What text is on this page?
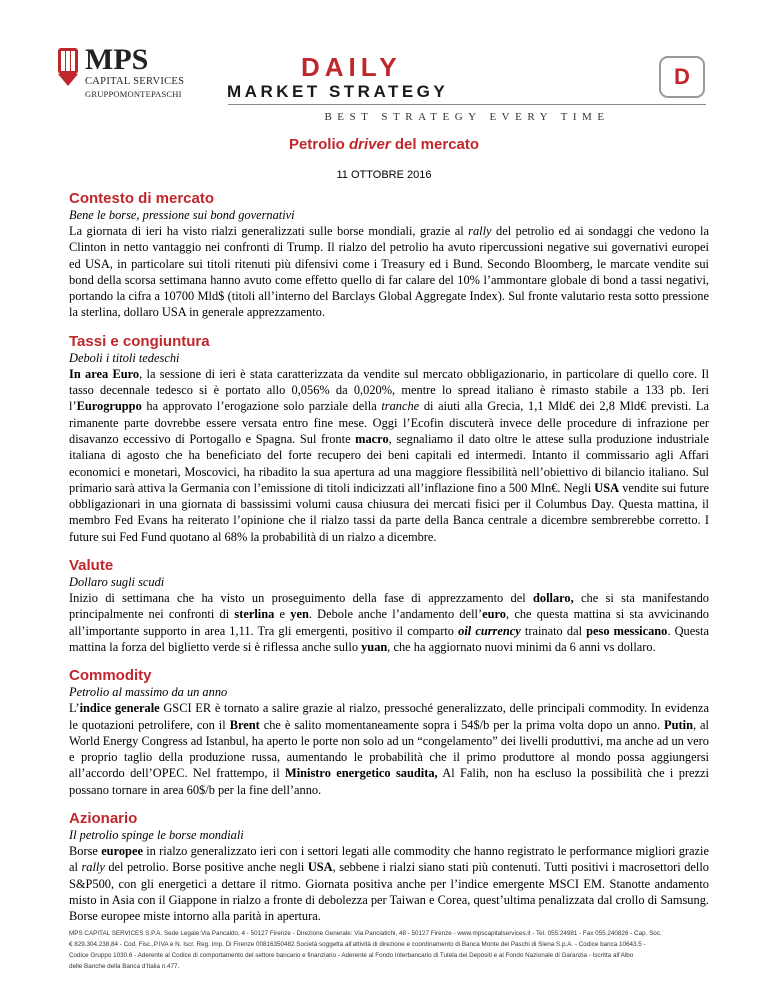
MPS
CAPITAL SERVICES
GRUPPOMONTEPASCHI
DAILY
MARKET STRATEGY
D
BEST STRATEGY EVERY TIME
Petrolio driver del mercato
11 OTTOBRE 2016
Contesto di mercato

Bene le borse, pressione sui bond governativi

La giornata di ieri ha visto rialzi generalizzati sulle borse mondiali, grazie al rally del petrolio ed ai sondaggi che vedono la Clinton in netto vantaggio nei confronti di Trump. Il rialzo del petrolio ha avuto ripercussioni negative sui governativi europei ed USA, in particolare sui titoli ritenuti più difensivi come i Treasury ed i Bund. Secondo Bloomberg, le marcate vendite sui bond della scorsa settimana hanno avuto come effetto quello di far calare del 10% l’ammontare globale di bond a tassi negativi, portando la cifra a 10700 Mld$ (titoli all’interno del Barclays Global Aggregate Index). Sul fronte valutario resta sotto pressione la sterlina, dollaro USA in generale apprezzamento.

Tassi e congiuntura

Deboli i titoli tedeschi

In area Euro, la sessione di ieri è stata caratterizzata da vendite sul mercato obbligazionario, in particolare di quello core. Il tasso decennale tedesco si è portato allo 0,056% da 0,020%, mentre lo spread italiano è rimasto stabile a 133 pb. Ieri l’Eurogruppo ha approvato l’erogazione solo parziale della tranche di aiuti alla Grecia, 1,1 Mld€ dei 2,8 Mld€ previsti. La rimanente parte dovrebbe essere versata entro fine mese. Oggi l’Ecofin discuterà invece delle procedure di infrazione per disavanzo eccessivo di Portogallo e Spagna. Sul fronte macro, segnaliamo il dato oltre le attese sulla produzione industriale italiana di agosto che ha beneficiato del forte recupero dei beni capitali ed intermedi. Intanto il commissario agli Affari economici e monetari, Moscovici, ha ribadito la sua apertura ad una maggiore flessibilità nell’obiettivo di bilancio italiano. Sul primario sarà attiva la Germania con l’emissione di titoli indicizzati all’inflazione fino a 500 Mln€. Negli USA vendite sui future obbligazionari in una giornata di bassissimi volumi causa chiusura dei mercati fisici per il Columbus Day. Questa mattina, il membro Fed Evans ha reiterato l’opinione che il rialzo tassi da parte della Banca centrale a dicembre sembrerebbe corretto. I future sui Fed Fund quotano al 68% la probabilità di un rialzo a dicembre.

Valute

Dollaro sugli scudi

Inizio di settimana che ha visto un proseguimento della fase di apprezzamento del dollaro, che si sta manifestando principalmente nei confronti di sterlina e yen. Debole anche l’andamento dell’euro, che questa mattina si sta avvicinando all’importante supporto in area 1,11. Tra gli emergenti, positivo il comparto oil currency trainato dal peso messicano. Questa mattina la forza del biglietto verde si è riflessa anche sullo yuan, che ha aggiornato nuovi minimi da 6 anni vs dollaro.

Commodity

Petrolio al massimo da un anno

L’indice generale GSCI ER è tornato a salire grazie al rialzo, pressoché generalizzato, delle principali commodity. In evidenza le quotazioni petrolifere, con il Brent che è salito momentaneamente sopra i 54$/b per la prima volta dopo un anno. Putin, al World Energy Congress ad Istanbul, ha aperto le porte non solo ad un “congelamento” dei livelli produttivi, ma anche ad un vero e proprio taglio della produzione russa, aumentando le probabilità che il primo produttore al mondo possa aggiungersi all’accordo dell’OPEC. Nel frattempo, il Ministro energetico saudita, Al Falih, non ha escluso la possibilità che i prezzi possano tornare in area 60$/b per la fine dell’anno.

Azionario

Il petrolio spinge le borse mondiali

Borse europee in rialzo generalizzato ieri con i settori legati alle commodity che hanno registrato le performance migliori grazie al rally del petrolio. Borse positive anche negli USA, sebbene i rialzi siano stati più contenuti. Tutti positivi i macrosettori dello S&P500, con gli energetici a dettare il ritmo. Giornata positiva anche per l’indice emergente MSCI EM. Stanotte andamento misto in Asia con il Giappone in rialzo a fronte di debolezza per Taiwan e Corea, quest’ultima penalizzata dal crollo di Samsung. Borse europee miste intorno alla parità in apertura.

MPS CAPITAL SERVICES S.P.A. Sede Legale:Via Pancaldo, 4 - 50127 Firenze - Direzione Generale: Via Panciatichi, 48 - 50127 Firenze - www.mpscapitalservices.it - Tel. 055.24981 - Fax 055.240826 - Cap. Soc.
€ 829.304.238,84 - Cod. Fisc.,P.IVA e N. Iscr. Reg. Imp. Di Firenze 00816350482 Società soggetta all’attività di direzione e coordinamento di Banca Monte dei Paschi di Siena S.p.A. - Codice banca 10643.5 -
Codice Gruppo 1030.6 - Aderente al Codice di comportamento del settore bancario e finanziario - Aderente al Fondo Interbancario di Tutela dei Depositi e al Fondo Nazionale di Garanzia - Iscritta all’Albo
delle Banche della Banca d’Italia n.477.
